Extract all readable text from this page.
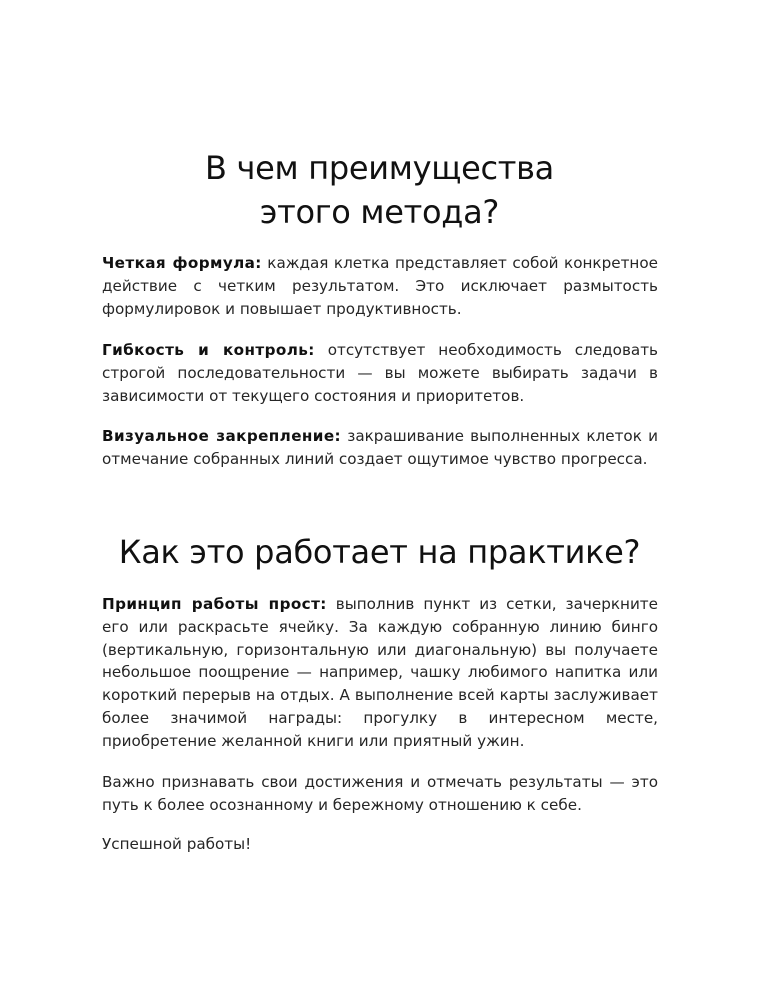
В чем преимущества
этого метода?

Четкая формула: каждая клетка представляет собой конкретное действие с четким результатом. Это исключает размытость формулировок и повышает продуктивность.

Гибкость и контроль: отсутствует необходимость следовать строгой последовательности — вы можете выбирать задачи в зависимости от текущего состояния и приоритетов.

Визуальное закрепление: закрашивание выполненных клеток и отмечание собранных линий создает ощутимое чувство прогресса.

Как это работает на практике?

Принцип работы прост: выполнив пункт из сетки, зачеркните его или раскрасьте ячейку. За каждую собранную линию бинго (вертикальную, горизонтальную или диагональную) вы получаете небольшое поощрение — например, чашку любимого напитка или короткий перерыв на отдых. А выполнение всей карты заслуживает более значимой награды: прогулку в интересном месте, приобретение желанной книги или приятный ужин.

Важно признавать свои достижения и отмечать результаты — это путь к более осознанному и бережному отношению к себе.

Успешной работы!
